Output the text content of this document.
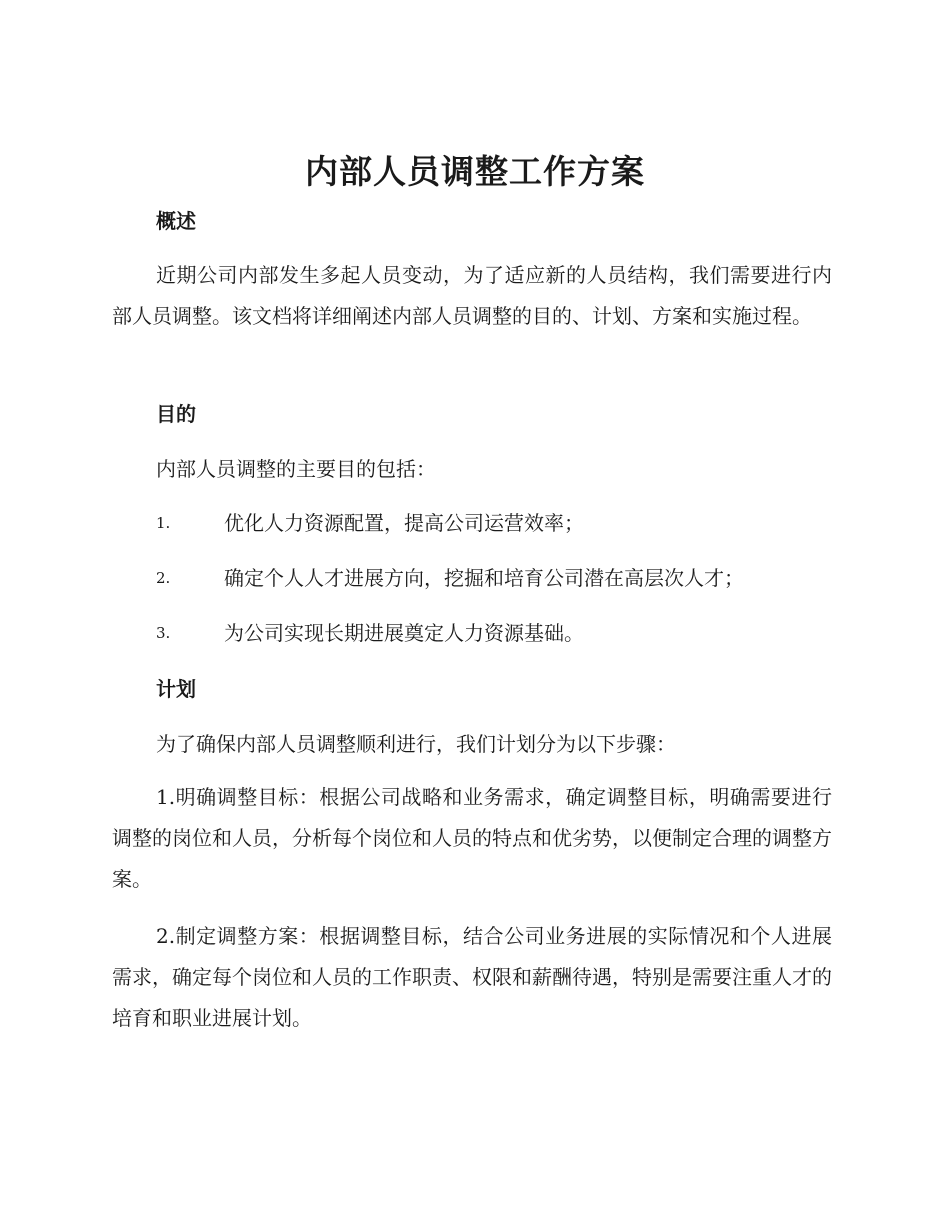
内部人员调整工作方案
概述
近期公司内部发生多起人员变动，为了适应新的人员结构，我们需要进行内部人员调整。该文档将详细阐述内部人员调整的目的、计划、方案和实施过程。
目的
内部人员调整的主要目的包括：
1.	优化人力资源配置，提高公司运营效率；
2.	确定个人人才进展方向，挖掘和培育公司潜在高层次人才；
3.	为公司实现长期进展奠定人力资源基础。
计划
为了确保内部人员调整顺利进行，我们计划分为以下步骤：
1.明确调整目标：根据公司战略和业务需求，确定调整目标，明确需要进行调整的岗位和人员，分析每个岗位和人员的特点和优劣势，以便制定合理的调整方案。
2.制定调整方案：根据调整目标，结合公司业务进展的实际情况和个人进展需求，确定每个岗位和人员的工作职责、权限和薪酬待遇，特别是需要注重人才的培育和职业进展计划。
